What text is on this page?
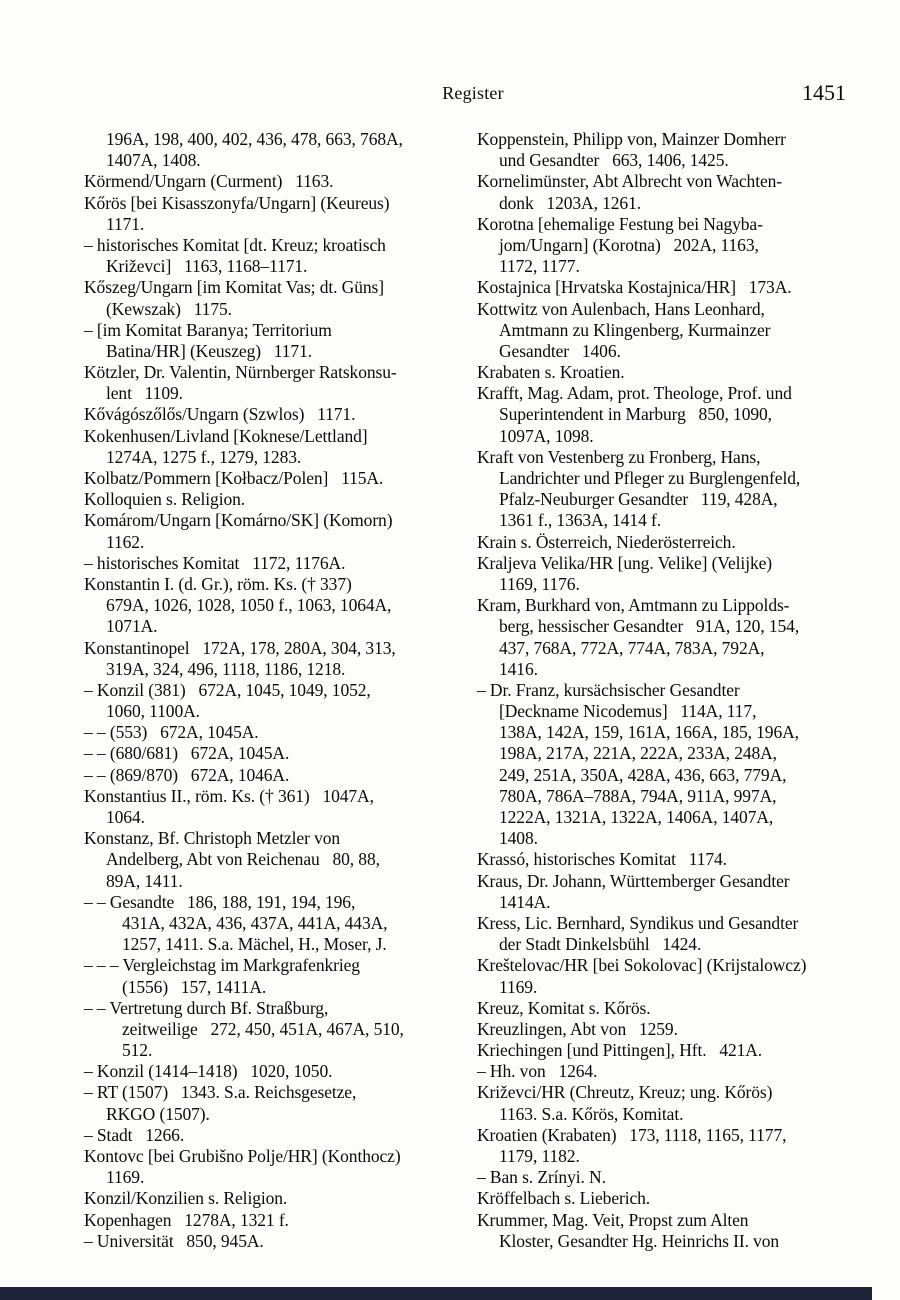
Register	1451
196A, 198, 400, 402, 436, 478, 663, 768A,
1407A, 1408.
Körmend/Ungarn (Curment)   1163.
Kőrös [bei Kisasszonyfa/Ungarn] (Keureus)
1171.
– historisches Komitat [dt. Kreuz; kroatisch
Križevci]   1163, 1168–1171.
Kőszeg/Ungarn [im Komitat Vas; dt. Güns]
(Kewszak)   1175.
– [im Komitat Baranya; Territorium
Batina/HR] (Keuszeg)   1171.
Kötzler, Dr. Valentin, Nürnberger Ratskonsu-
lent   1109.
Kővágószőlős/Ungarn (Szwlos)   1171.
Kokenhusen/Livland [Koknese/Lettland]
1274A, 1275 f., 1279, 1283.
Kolbatz/Pommern [Kołbacz/Polen]   115A.
Kolloquien s. Religion.
Komárom/Ungarn [Komárno/SK] (Komorn)
1162.
– historisches Komitat   1172, 1176A.
Konstantin I. (d. Gr.), röm. Ks. († 337)
679A, 1026, 1028, 1050 f., 1063, 1064A,
1071A.
Konstantinopel   172A, 178, 280A, 304, 313,
319A, 324, 496, 1118, 1186, 1218.
– Konzil (381)   672A, 1045, 1049, 1052,
1060, 1100A.
– – (553)   672A, 1045A.
– – (680/681)   672A, 1045A.
– – (869/870)   672A, 1046A.
Konstantius II., röm. Ks. († 361)   1047A,
1064.
Konstanz, Bf. Christoph Metzler von
Andelberg, Abt von Reichenau   80, 88,
89A, 1411.
– – Gesandte   186, 188, 191, 194, 196,
431A, 432A, 436, 437A, 441A, 443A,
1257, 1411. S.a. Mächel, H., Moser, J.
– – – Vergleichstag im Markgrafenkrieg
(1556)   157, 1411A.
– – Vertretung durch Bf. Straßburg,
zeitweilige   272, 450, 451A, 467A, 510,
512.
– Konzil (1414–1418)   1020, 1050.
– RT (1507)   1343. S.a. Reichsgesetze,
RKGO (1507).
– Stadt   1266.
Kontovc [bei Grubišno Polje/HR] (Konthocz)
1169.
Konzil/Konzilien s. Religion.
Kopenhagen   1278A, 1321 f.
– Universität   850, 945A.
Koppenstein, Philipp von, Mainzer Domherr
und Gesandter   663, 1406, 1425.
Kornelimünster, Abt Albrecht von Wachten-
donk   1203A, 1261.
Korotna [ehemalige Festung bei Nagyba-
jom/Ungarn] (Korotna)   202A, 1163,
1172, 1177.
Kostajnica [Hrvatska Kostajnica/HR]   173A.
Kottwitz von Aulenbach, Hans Leonhard,
Amtmann zu Klingenberg, Kurmainzer
Gesandter   1406.
Krabaten s. Kroatien.
Krafft, Mag. Adam, prot. Theologe, Prof. und
Superintendent in Marburg   850, 1090,
1097A, 1098.
Kraft von Vestenberg zu Fronberg, Hans,
Landrichter und Pfleger zu Burglengenfeld,
Pfalz-Neuburger Gesandter   119, 428A,
1361 f., 1363A, 1414 f.
Krain s. Österreich, Niederösterreich.
Kraljeva Velika/HR [ung. Velike] (Velijke)
1169, 1176.
Kram, Burkhard von, Amtmann zu Lippolds-
berg, hessischer Gesandter   91A, 120, 154,
437, 768A, 772A, 774A, 783A, 792A,
1416.
– Dr. Franz, kursächsischer Gesandter
[Deckname Nicodemus]   114A, 117,
138A, 142A, 159, 161A, 166A, 185, 196A,
198A, 217A, 221A, 222A, 233A, 248A,
249, 251A, 350A, 428A, 436, 663, 779A,
780A, 786A–788A, 794A, 911A, 997A,
1222A, 1321A, 1322A, 1406A, 1407A,
1408.
Krassó, historisches Komitat   1174.
Kraus, Dr. Johann, Württemberger Gesandter
1414A.
Kress, Lic. Bernhard, Syndikus und Gesandter
der Stadt Dinkelsbühl   1424.
Kreštelovac/HR [bei Sokolovac] (Krijstalowcz)
1169.
Kreuz, Komitat s. Kőrös.
Kreuzlingen, Abt von   1259.
Kriechingen [und Pittingen], Hft.   421A.
– Hh. von   1264.
Križevci/HR (Chreutz, Kreuz; ung. Kőrös)
1163. S.a. Kőrös, Komitat.
Kroatien (Krabaten)   173, 1118, 1165, 1177,
1179, 1182.
– Ban s. Zrínyi. N.
Kröffelbach s. Lieberich.
Krummer, Mag. Veit, Propst zum Alten
Kloster, Gesandter Hg. Heinrichs II. von
